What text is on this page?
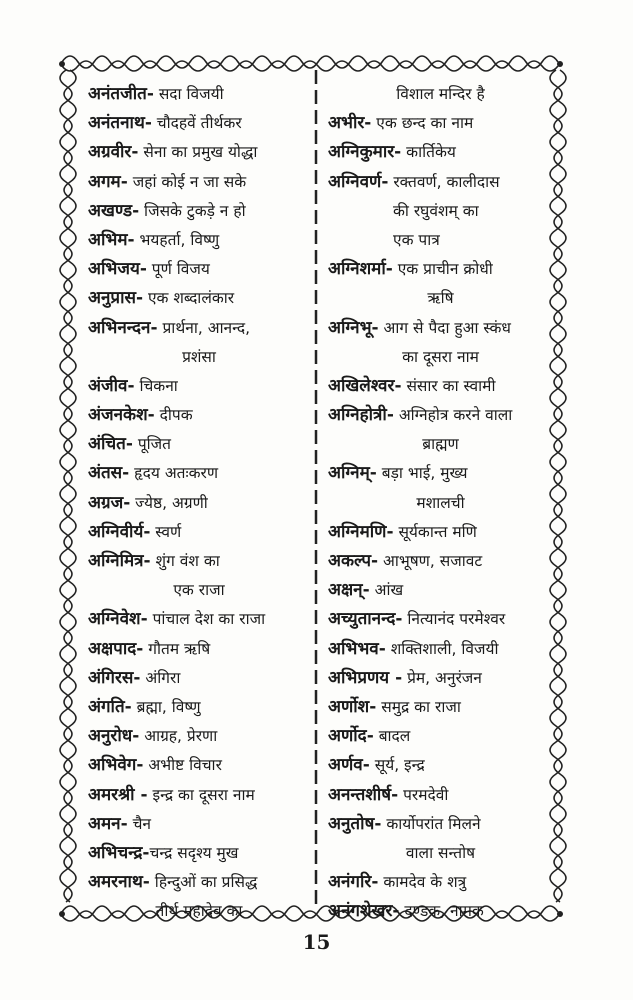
अनंतजीत- सदा विजयी
अनंतनाथ- चौदहवें तीर्थकर
अग्रवीर- सेना का प्रमुख योद्धा
अगम- जहां कोई न जा सके
अखण्ड- जिसके टुकड़े न हो
अभिम- भयहर्ता, विष्णु
अभिजय- पूर्ण विजय
अनुप्रास- एक शब्दालंकार
अभिनन्दन- प्रार्थना, आनन्द,
प्रशंसा
अंजीव- चिकना
अंजनकेश- दीपक
अंचित- पूजित
अंतस- हृदय अतःकरण
अग्रज- ज्येष्ठ, अग्रणी
अग्निवीर्य- स्वर्ण
अग्निमित्र- शुंग वंश का
एक राजा
अग्निवेश- पांचाल देश का राजा
अक्षपाद- गौतम ऋषि
अंगिरस- अंगिरा
अंगति- ब्रह्मा, विष्णु
अनुरोध- आग्रह, प्रेरणा
अभिवेग- अभीष्ट विचार
अमरश्री - इन्द्र का दूसरा नाम
अमन- चैन
अभिचन्द्र-चन्द्र सदृश्य मुख
अमरनाथ- हिन्दुओं का प्रसिद्ध
तीर्थ महादेव का
विशाल मन्दिर है
अभीर- एक छन्द का नाम
अग्निकुमार- कार्तिकेय
अग्निवर्ण- रक्तवर्ण, कालीदास
की रघुवंशम् का
एक पात्र
अग्निशर्मा- एक प्राचीन क्रोधी
ऋषि
अग्निभू- आग से पैदा हुआ स्कंध
का दूसरा नाम
अखिलेश्वर- संसार का स्वामी
अग्निहोत्री- अग्निहोत्र करने वाला
ब्राह्मण
अग्निम्- बड़ा भाई, मुख्य
मशालची
अग्निमणि- सूर्यकान्त मणि
अकल्प- आभूषण, सजावट
अक्षन्- आंख
अच्युतानन्द- नित्यानंद परमेश्वर
अभिभव- शक्तिशाली, विजयी
अभिप्रणय - प्रेम, अनुरंजन
अर्णोश- समुद्र का राजा
अर्णोद- बादल
अर्णव- सूर्य, इन्द्र
अनन्तशीर्ष- परमदेवी
अनुतोष- कार्योपरांत मिलने
वाला सन्तोष
अनंगरि- कामदेव के शत्रु
अनंगशेखर- दण्डक, नामक
15
